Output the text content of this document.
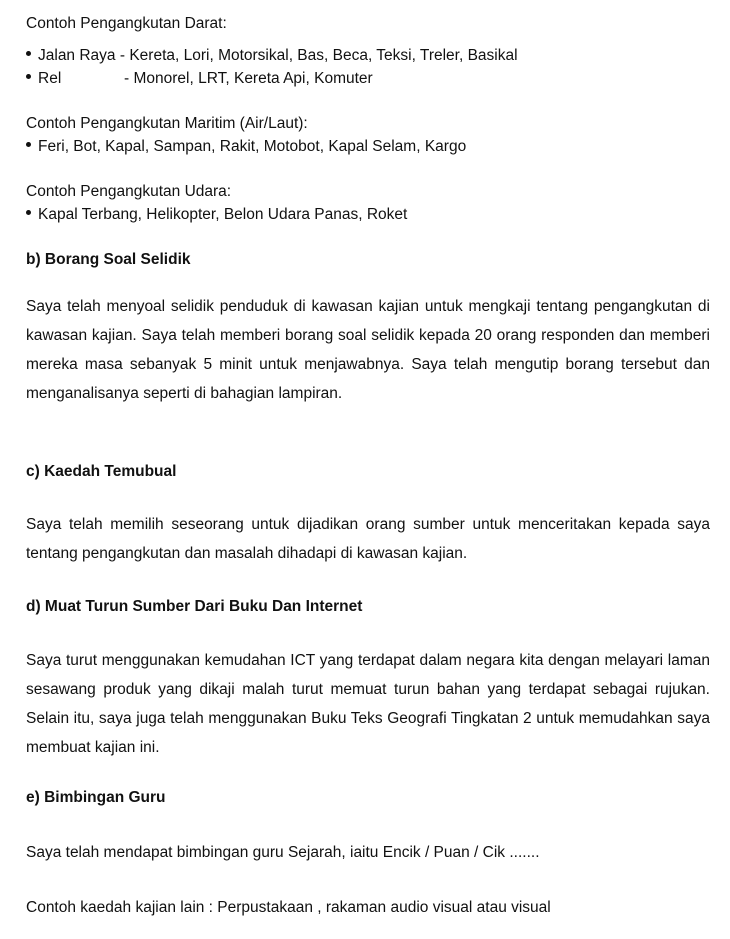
Contoh Pengangkutan Darat:
Jalan Raya - Kereta, Lori, Motorsikal, Bas, Beca, Teksi, Treler, Basikal
Rel	- Monorel, LRT, Kereta Api, Komuter
Contoh Pengangkutan Maritim (Air/Laut):
Feri, Bot, Kapal, Sampan, Rakit, Motobot, Kapal Selam, Kargo
Contoh Pengangkutan Udara:
Kapal Terbang, Helikopter, Belon Udara Panas, Roket
b) Borang Soal Selidik
Saya telah menyoal selidik penduduk di kawasan kajian untuk mengkaji tentang pengangkutan di kawasan kajian. Saya telah memberi borang soal selidik kepada 20 orang responden dan memberi mereka masa sebanyak 5 minit untuk menjawabnya. Saya telah mengutip borang tersebut dan menganalisanya seperti di bahagian lampiran.
c) Kaedah Temubual
Saya telah memilih seseorang untuk dijadikan orang sumber untuk menceritakan kepada saya tentang pengangkutan dan masalah dihadapi di kawasan kajian.
d) Muat Turun Sumber Dari Buku Dan Internet
Saya turut menggunakan kemudahan ICT yang terdapat dalam negara kita dengan melayari laman sesawang produk yang dikaji malah turut memuat turun bahan yang terdapat sebagai rujukan. Selain itu, saya juga telah menggunakan Buku Teks Geografi Tingkatan 2 untuk memudahkan saya membuat kajian ini.
e) Bimbingan Guru
Saya telah mendapat bimbingan guru Sejarah, iaitu Encik / Puan / Cik .......
Contoh kaedah kajian lain : Perpustakaan , rakaman audio visual atau visual
